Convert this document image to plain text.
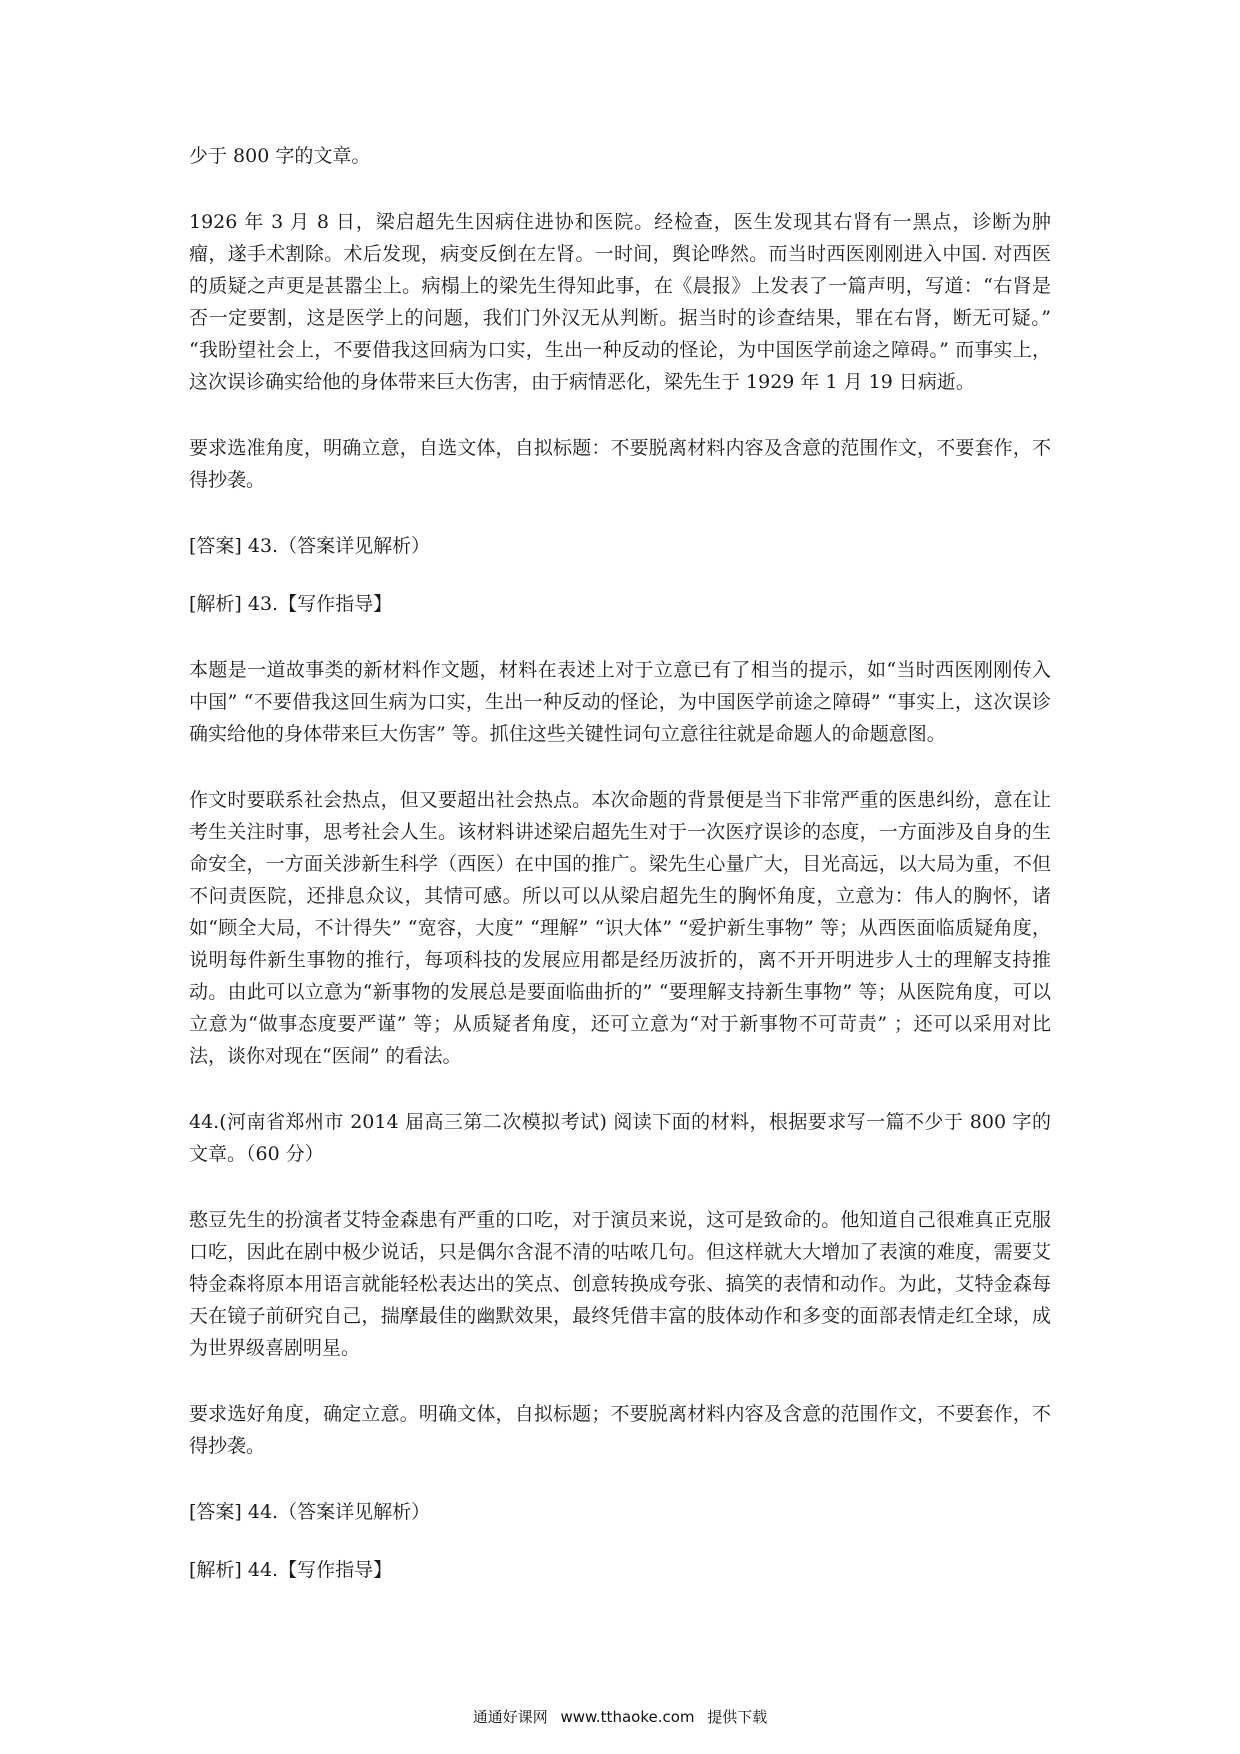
少于 800 字的文章。

1926 年 3 月 8 日，梁启超先生因病住进协和医院。经检查，医生发现其右肾有一黑点，诊断为肿瘤，遂手术割除。术后发现，病变反倒在左肾。一时间，舆论哗然。而当时西医刚刚进入中国. 对西医的质疑之声更是甚嚣尘上。病榻上的梁先生得知此事，在《晨报》上发表了一篇声明，写道：“右肾是否一定要割，这是医学上的问题，我们门外汉无从判断。据当时的诊查结果，罪在右肾，断无可疑。” “我盼望社会上，不要借我这回病为口实，生出一种反动的怪论，为中国医学前途之障碍。” 而事实上，这次误诊确实给他的身体带来巨大伤害，由于病情恶化，梁先生于 1929 年 1 月 19 日病逝。

要求选准角度，明确立意，自选文体，自拟标题：不要脱离材料内容及含意的范围作文，不要套作，不得抄袭。

[答案] 43.（答案详见解析）

[解析] 43.【写作指导】

本题是一道故事类的新材料作文题，材料在表述上对于立意已有了相当的提示，如“当时西医刚刚传入中国” “不要借我这回生病为口实，生出一种反动的怪论，为中国医学前途之障碍” “事实上，这次误诊确实给他的身体带来巨大伤害” 等。抓住这些关键性词句立意往往就是命题人的命题意图。

作文时要联系社会热点，但又要超出社会热点。本次命题的背景便是当下非常严重的医患纠纷，意在让考生关注时事，思考社会人生。该材料讲述梁启超先生对于一次医疗误诊的态度，一方面涉及自身的生命安全，一方面关涉新生科学（西医）在中国的推广。梁先生心量广大，目光高远，以大局为重，不但不问责医院，还排息众议，其情可感。所以可以从梁启超先生的胸怀角度，立意为：伟人的胸怀，诸如“顾全大局，不计得失” “宽容，大度” “理解” “识大体” “爱护新生事物” 等；从西医面临质疑角度，说明每件新生事物的推行，每项科技的发展应用都是经历波折的，离不开开明进步人士的理解支持推动。由此可以立意为“新事物的发展总是要面临曲折的” “要理解支持新生事物” 等；从医院角度，可以立意为“做事态度要严谨” 等；从质疑者角度，还可立意为“对于新事物不可苛责” ；还可以采用对比法，谈你对现在“医闹” 的看法。

44.(河南省郑州市 2014 届高三第二次模拟考试) 阅读下面的材料，根据要求写一篇不少于 800 字的文章。（60 分）

憨豆先生的扮演者艾特金森患有严重的口吃，对于演员来说，这可是致命的。他知道自己很难真正克服口吃，因此在剧中极少说话，只是偶尔含混不清的咕哝几句。但这样就大大增加了表演的难度，需要艾特金森将原本用语言就能轻松表达出的笑点、创意转换成夸张、搞笑的表情和动作。为此，艾特金森每天在镜子前研究自己，揣摩最佳的幽默效果，最终凭借丰富的肢体动作和多变的面部表情走红全球，成为世界级喜剧明星。

要求选好角度，确定立意。明确文体，自拟标题；不要脱离材料内容及含意的范围作文，不要套作，不得抄袭。

[答案] 44.（答案详见解析）

[解析] 44.【写作指导】

通通好课网 www.tthaoke.com 提供下载
